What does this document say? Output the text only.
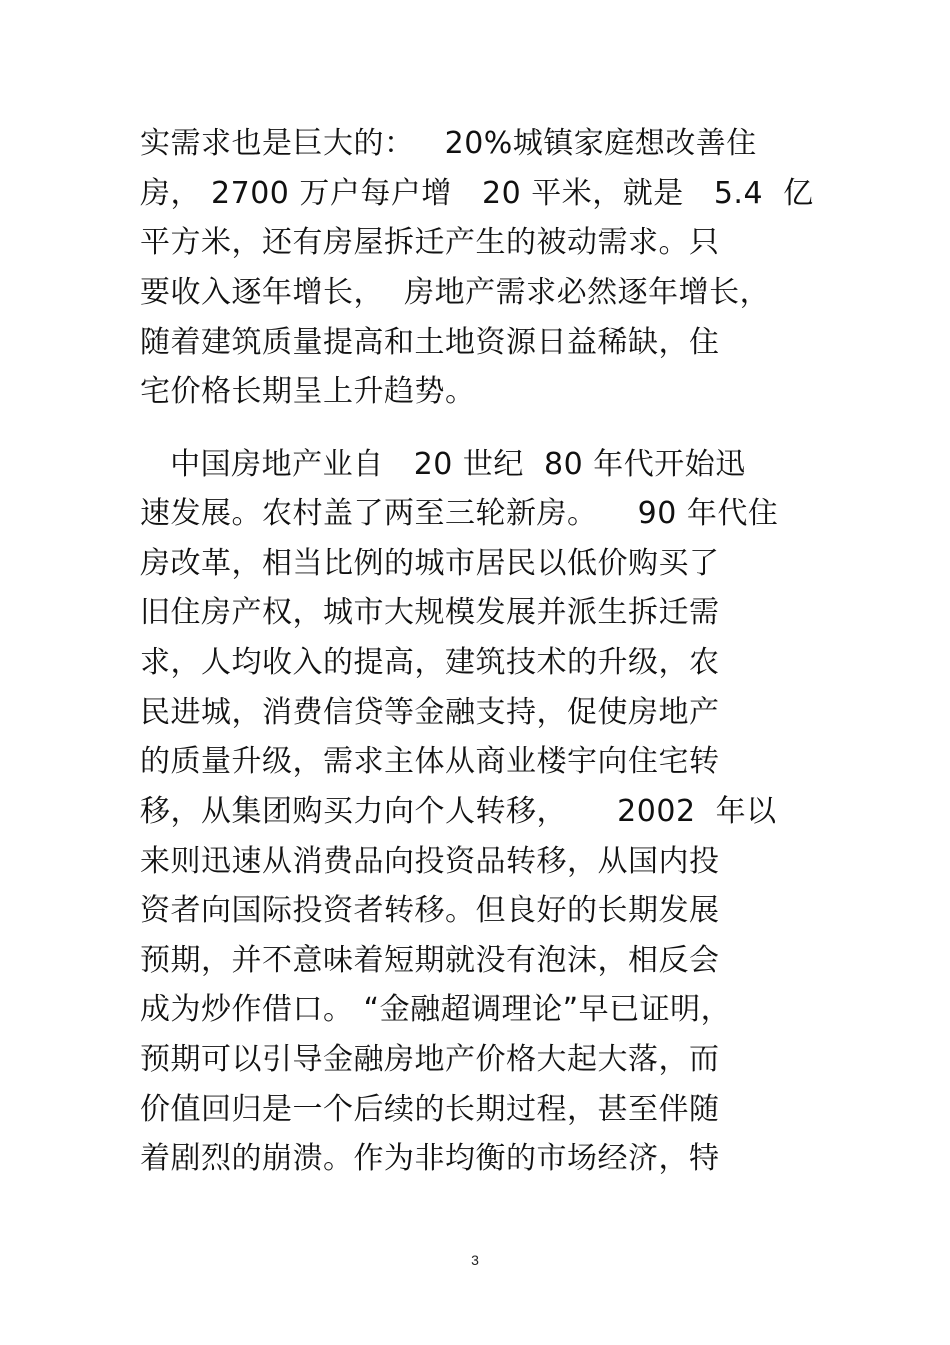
实需求也是巨大的：   20%城镇家庭想改善住
房， 2700 万户每户增   20 平米，就是   5.4  亿
平方米，还有房屋拆迁产生的被动需求。只
要收入逐年增长，  房地产需求必然逐年增长，
随着建筑质量提高和土地资源日益稀缺，住
宅价格长期呈上升趋势。
中国房地产业自   20 世纪  80 年代开始迅
速发展。农村盖了两至三轮新房。    90 年代住
房改革，相当比例的城市居民以低价购买了
旧住房产权，城市大规模发展并派生拆迁需
求，人均收入的提高，建筑技术的升级，农
民进城，消费信贷等金融支持，促使房地产
的质量升级，需求主体从商业楼宇向住宅转
移，从集团购买力向个人转移，     2002  年以
来则迅速从消费品向投资品转移，从国内投
资者向国际投资者转移。但良好的长期发展
预期，并不意味着短期就没有泡沫，相反会
成为炒作借口。 “金融超调理论”早已证明，
预期可以引导金融房地产价格大起大落，而
价值回归是一个后续的长期过程，甚至伴随
着剧烈的崩溃。作为非均衡的市场经济，特
3
